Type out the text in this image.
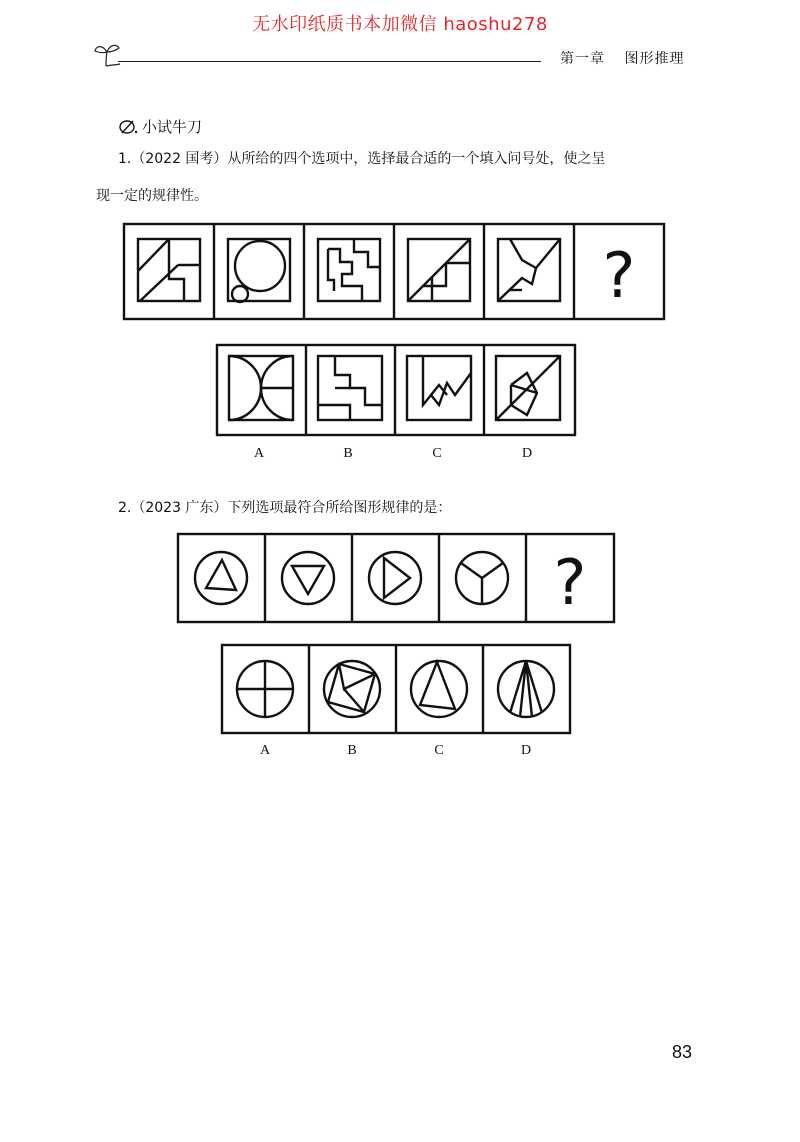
无水印纸质书本加微信 haoshu278
第一章 图形推理
小试牛刀
1.（2022 国考）从所给的四个选项中，选择最合适的一个填入问号处，使之呈
现一定的规律性。
?
A	B	C	D
2.（2023 广东）下列选项最符合所给图形规律的是：
?
A	B	C	D
83
